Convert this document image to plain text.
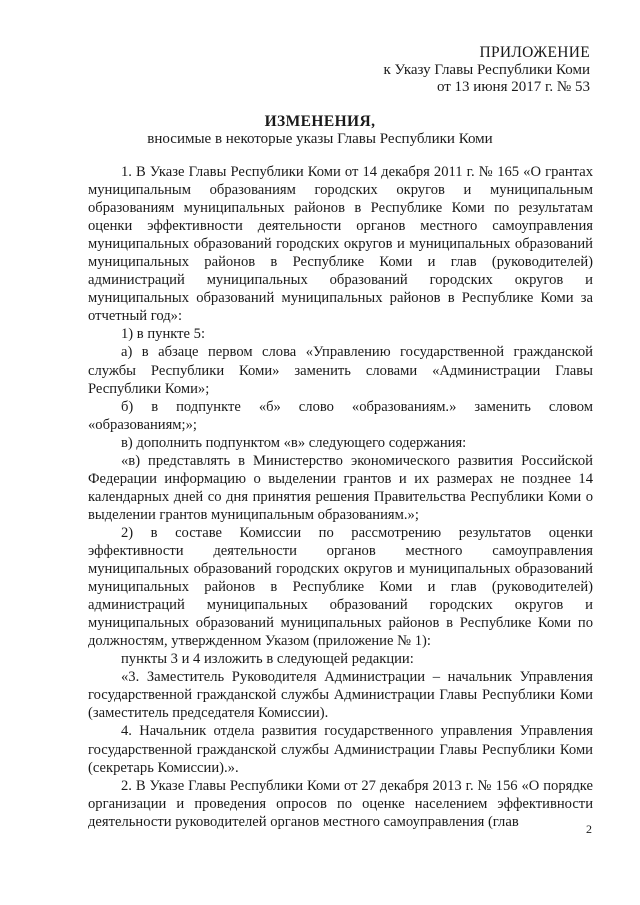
ПРИЛОЖЕНИЕ
к Указу Главы Республики Коми
от 13 июня 2017 г. № 53
ИЗМЕНЕНИЯ,
вносимые в некоторые указы Главы Республики Коми

1. В Указе Главы Республики Коми от 14 декабря 2011 г. № 165 «О грантах муниципальным образованиям городских округов и муниципальным образованиям муниципальных районов в Республике Коми по результатам оценки эффективности деятельности органов местного самоуправления муниципальных образований городских округов и муниципальных образований муниципальных районов в Республике Коми и глав (руководителей) администраций муниципальных образований городских округов и муниципальных образований муниципальных районов в Республике Коми за отчетный год»:

1) в пункте 5:

а) в абзаце первом слова «Управлению государственной гражданской службы Республики Коми» заменить словами «Администрации Главы Республики Коми»;

б) в подпункте «б» слово «образованиям.» заменить словом «образованиям;»;

в) дополнить подпунктом «в» следующего содержания:

«в) представлять в Министерство экономического развития Российской Федерации информацию о выделении грантов и их размерах не позднее 14 календарных дней со дня принятия решения Правительства Республики Коми о выделении грантов муниципальным образованиям.»;

2) в составе Комиссии по рассмотрению результатов оценки эффективности деятельности органов местного самоуправления муниципальных образований городских округов и муниципальных образований муниципальных районов в Республике Коми и глав (руководителей) администраций муниципальных образований городских округов и муниципальных образований муниципальных районов в Республике Коми по должностям, утвержденном Указом (приложение № 1):

пункты 3 и 4 изложить в следующей редакции:

«3. Заместитель Руководителя Администрации – начальник Управления государственной гражданской службы Администрации Главы Республики Коми (заместитель председателя Комиссии).

4. Начальник отдела развития государственного управления Управления государственной гражданской службы Администрации Главы Республики Коми (секретарь Комиссии).».

2. В Указе Главы Республики Коми от 27 декабря 2013 г. № 156 «О порядке организации и проведения опросов по оценке населением эффективности деятельности руководителей органов местного самоуправления (глав	2
